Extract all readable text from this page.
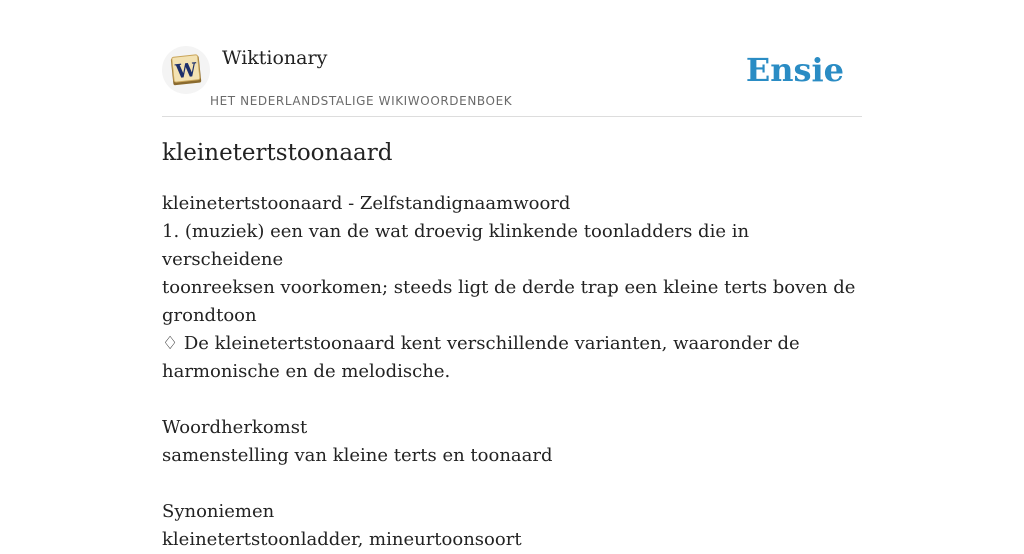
W
Wiktionary
HET NEDERLANDSTALIGE WIKIWOORDENBOEK
Ensie
kleinetertstoonaard

kleinetertstoonaard - Zelfstandignaamwoord

1. (muziek) een van de wat droevig klinkende toonladders die in verscheidene

toonreeksen voorkomen; steeds ligt de derde trap een kleine terts boven de

grondtoon

♢ De kleinetertstoonaard kent verschillende varianten, waaronder de

harmonische en de melodische.

Woordherkomst

samenstelling van kleine terts en toonaard

Synoniemen

kleinetertstoonladder, mineurtoonsoort
